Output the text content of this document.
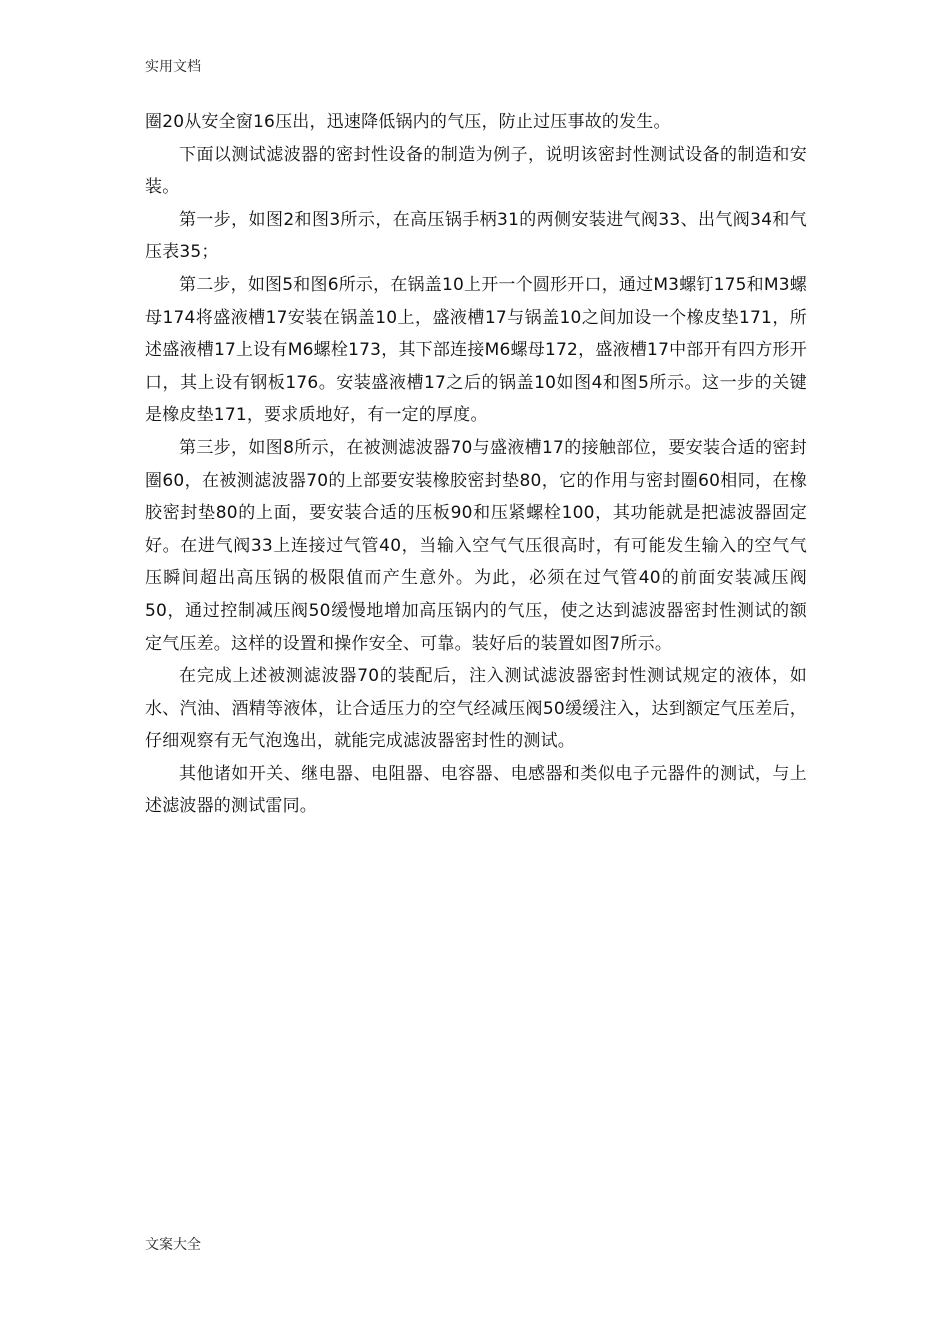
实用文档

圈20从安全窗16压出，迅速降低锅内的气压，防止过压事故的发生。

下面以测试滤波器的密封性设备的制造为例子，说明该密封性测试设备的制造和安装。

第一步，如图2和图3所示，在高压锅手柄31的两侧安装进气阀33、出气阀34和气压表35；

第二步，如图5和图6所示，在锅盖10上开一个圆形开口，通过M3螺钉175和M3螺母174将盛液槽17安装在锅盖10上，盛液槽17与锅盖10之间加设一个橡皮垫171，所述盛液槽17上设有M6螺栓173，其下部连接M6螺母172，盛液槽17中部开有四方形开口，其上设有钢板176。安装盛液槽17之后的锅盖10如图4和图5所示。这一步的关键是橡皮垫171，要求质地好，有一定的厚度。

第三步，如图8所示，在被测滤波器70与盛液槽17的接触部位，要安装合适的密封圈60，在被测滤波器70的上部要安装橡胶密封垫80，它的作用与密封圈60相同，在橡胶密封垫80的上面，要安装合适的压板90和压紧螺栓100，其功能就是把滤波器固定好。在进气阀33上连接过气管40，当输入空气气压很高时，有可能发生输入的空气气压瞬间超出高压锅的极限值而产生意外。为此，必须在过气管40的前面安装减压阀50，通过控制减压阀50缓慢地增加高压锅内的气压，使之达到滤波器密封性测试的额定气压差。这样的设置和操作安全、可靠。装好后的装置如图7所示。

在完成上述被测滤波器70的装配后，注入测试滤波器密封性测试规定的液体，如水、汽油、酒精等液体，让合适压力的空气经减压阀50缓缓注入，达到额定气压差后，仔细观察有无气泡逸出，就能完成滤波器密封性的测试。

其他诸如开关、继电器、电阻器、电容器、电感器和类似电子元器件的测试，与上述滤波器的测试雷同。

文案大全
